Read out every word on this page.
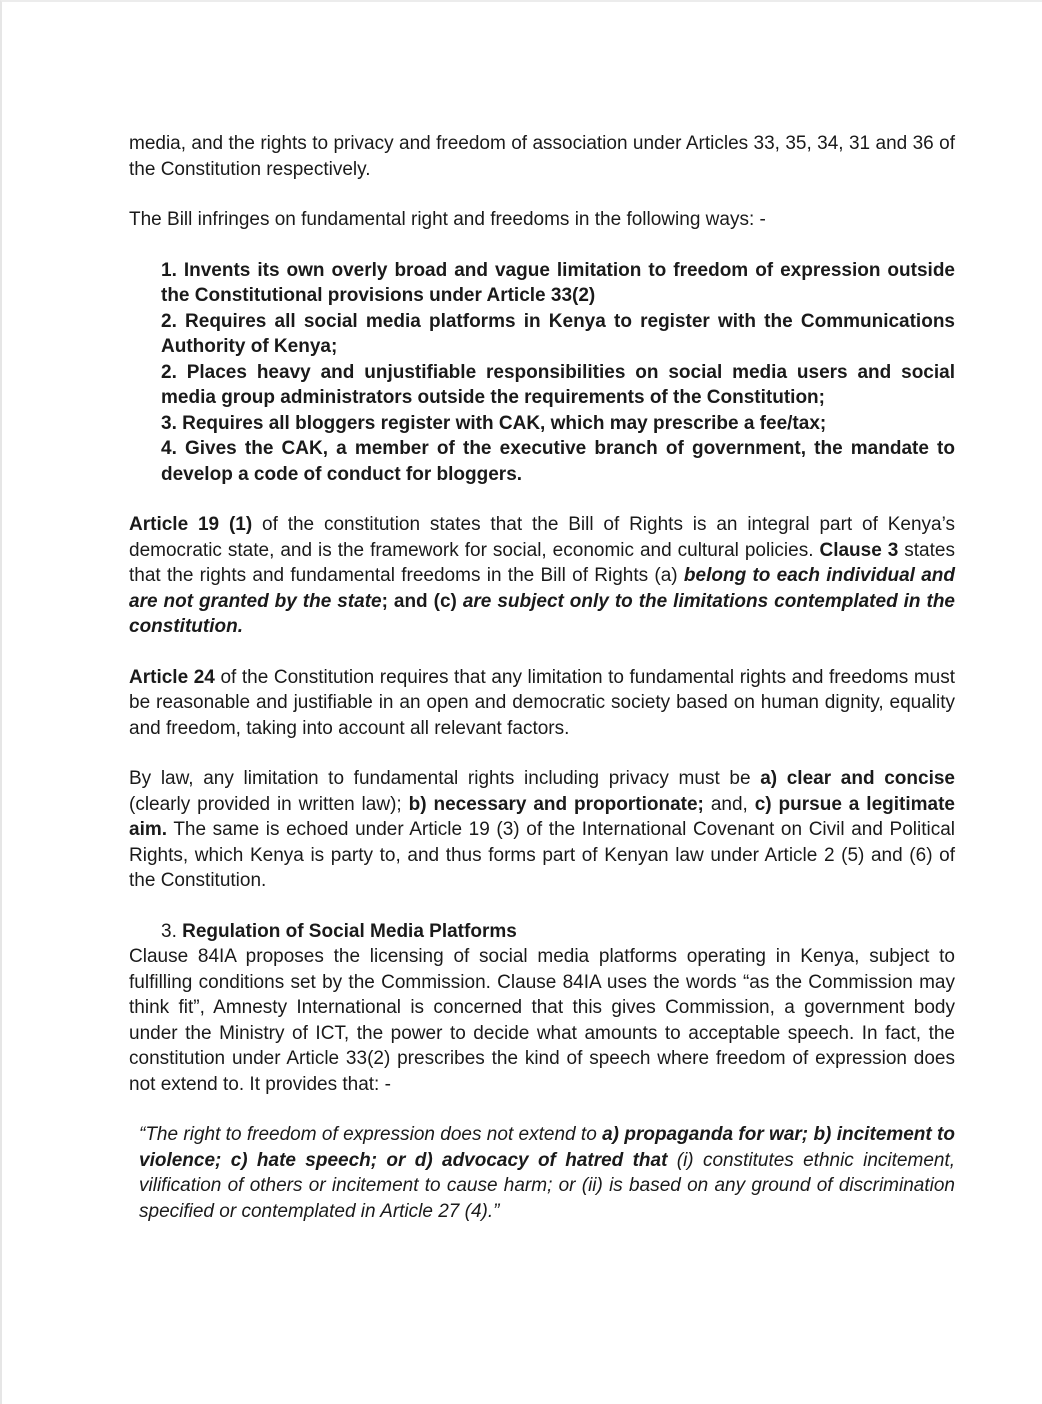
media, and the rights to privacy and freedom of association under Articles 33, 35, 34, 31 and 36 of the Constitution respectively.

The Bill infringes on fundamental right and freedoms in the following ways: -

1. Invents its own overly broad and vague limitation to freedom of expression outside the Constitutional provisions under Article 33(2)

2. Requires all social media platforms in Kenya to register with the Communications Authority of Kenya;

2. Places heavy and unjustifiable responsibilities on social media users and social media group administrators outside the requirements of the Constitution;

3. Requires all bloggers register with CAK, which may prescribe a fee/tax;

4. Gives the CAK, a member of the executive branch of government, the mandate to develop a code of conduct for bloggers.

Article 19 (1) of the constitution states that the Bill of Rights is an integral part of Kenya’s democratic state, and is the framework for social, economic and cultural policies. Clause 3 states that the rights and fundamental freedoms in the Bill of Rights (a) belong to each individual and are not granted by the state; and (c) are subject only to the limitations contemplated in the constitution.

Article 24 of the Constitution requires that any limitation to fundamental rights and freedoms must be reasonable and justifiable in an open and democratic society based on human dignity, equality and freedom, taking into account all relevant factors.

By law, any limitation to fundamental rights including privacy must be a) clear and concise (clearly provided in written law); b) necessary and proportionate; and, c) pursue a legitimate aim. The same is echoed under Article 19 (3) of the International Covenant on Civil and Political Rights, which Kenya is party to, and thus forms part of Kenyan law under Article 2 (5) and (6) of the Constitution.

3. Regulation of Social Media Platforms

Clause 84IA proposes the licensing of social media platforms operating in Kenya, subject to fulfilling conditions set by the Commission. Clause 84IA uses the words “as the Commission may think fit”, Amnesty International is concerned that this gives Commission, a government body under the Ministry of ICT, the power to decide what amounts to acceptable speech. In fact, the constitution under Article 33(2) prescribes the kind of speech where freedom of expression does not extend to. It provides that: -

“The right to freedom of expression does not extend to a) propaganda for war; b) incitement to violence; c) hate speech; or d) advocacy of hatred that (i) constitutes ethnic incitement, vilification of others or incitement to cause harm; or (ii) is based on any ground of discrimination specified or contemplated in Article 27 (4).”
